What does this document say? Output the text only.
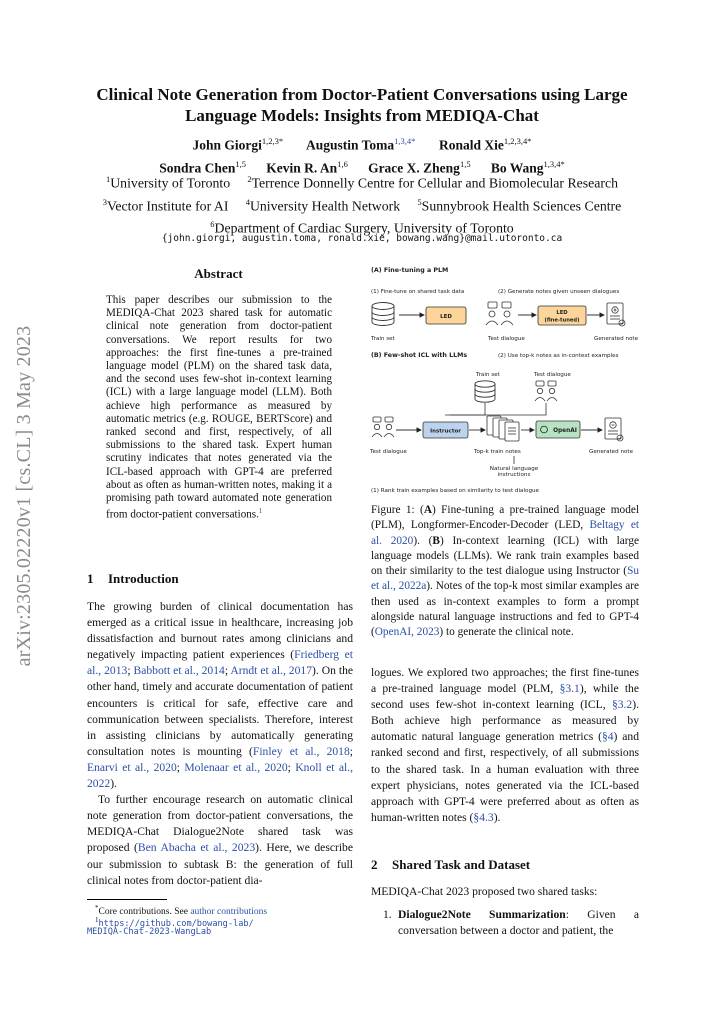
Clinical Note Generation from Doctor-Patient Conversations using Large Language Models: Insights from MEDIQA-Chat
John Giorgi$^{1,2,3*}$ Augustin Toma$^{1,3,4*}$ Ronald Xie$^{1,2,3,4*}$
Sondra Chen$^{1,5}$ Kevin R. An$^{1,6}$ Grace X. Zheng$^{1,5}$ Bo Wang$^{1,3,4*}$
$^1$University of Toronto $^2$Terrence Donnelly Centre for Cellular and Biomolecular Research
$^3$Vector Institute for AI $^4$University Health Network $^5$Sunnybrook Health Sciences Centre
$^6$Department of Cardiac Surgery, University of Toronto
{john.giorgi, augustin.toma, ronald.xie, bowang.wang}@mail.utoronto.ca
arXiv:2305.02220v1 [cs.CL] 3 May 2023
Abstract
This paper describes our submission to the MEDIQA-Chat 2023 shared task for automatic clinical note generation from doctor-patient conversations. We report results for two approaches: the first fine-tunes a pre-trained language model (PLM) on the shared task data, and the second uses few-shot in-context learning (ICL) with a large language model (LLM). Both achieve high performance as measured by automatic metrics (e.g. ROUGE, BERTScore) and ranked second and first, respectively, of all submissions to the shared task. Expert human scrutiny indicates that notes generated via the ICL-based approach with GPT-4 are preferred about as often as human-written notes, making it a promising path toward automated note generation from doctor-patient conversations.$^1$
1 Introduction

The growing burden of clinical documentation has emerged as a critical issue in healthcare, increasing job dissatisfaction and burnout rates among clinicians and negatively impacting patient experiences (Friedberg et al., 2013; Babbott et al., 2014; Arndt et al., 2017). On the other hand, timely and accurate documentation of patient encounters is critical for safe, effective care and communication between specialists. Therefore, interest in assisting clinicians by automatically generating consultation notes is mounting (Finley et al., 2018; Enarvi et al., 2020; Molenaar et al., 2020; Knoll et al., 2022).

To further encourage research on automatic clinical note generation from doctor-patient conversations, the MEDIQA-Chat Dialogue2Note shared task was proposed (Ben Abacha et al., 2023). Here, we describe our submission to subtask B: the generation of full clinical notes from doctor-patient dia-

*Core contributions. See author contributions
$^1$https://github.com/bowang-lab/
MEDIQA-Chat-2023-WangLab
(A) Fine-tuning a PLM
(1) Fine-tune on shared task data	(2) Generate notes given unseen dialogues
LED
Train set
LED
(fine-tuned)
Test dialogue	Generated note
(B) Few-shot ICL with LLMs	(2) Use top-k notes as in-context examples
Train set	Test dialogue
Instructor	OpenAI
Test dialogue	Top-k train notes	Generated note
Natural language
instructions
(1) Rank train examples based on similarity to test dialogue
Figure 1: (A) Fine-tuning a pre-trained language model (PLM), Longformer-Encoder-Decoder (LED, Beltagy et al. 2020). (B) In-context learning (ICL) with large language models (LLMs). We rank train examples based on their similarity to the test dialogue using Instructor (Su et al., 2022a). Notes of the top-k most similar examples are then used as in-context examples to form a prompt alongside natural language instructions and fed to GPT-4 (OpenAI, 2023) to generate the clinical note.

logues. We explored two approaches; the first fine-tunes a pre-trained language model (PLM, §3.1), while the second uses few-shot in-context learning (ICL, §3.2). Both achieve high performance as measured by automatic natural language generation metrics (§4) and ranked second and first, respectively, of all submissions to the shared task. In a human evaluation with three expert physicians, notes generated via the ICL-based approach with GPT-4 were preferred about as often as human-written notes (§4.3).

2 Shared Task and Dataset
MEDIQA-Chat 2023 proposed two shared tasks:
1. Dialogue2Note Summarization: Given a conversation between a doctor and patient, the
